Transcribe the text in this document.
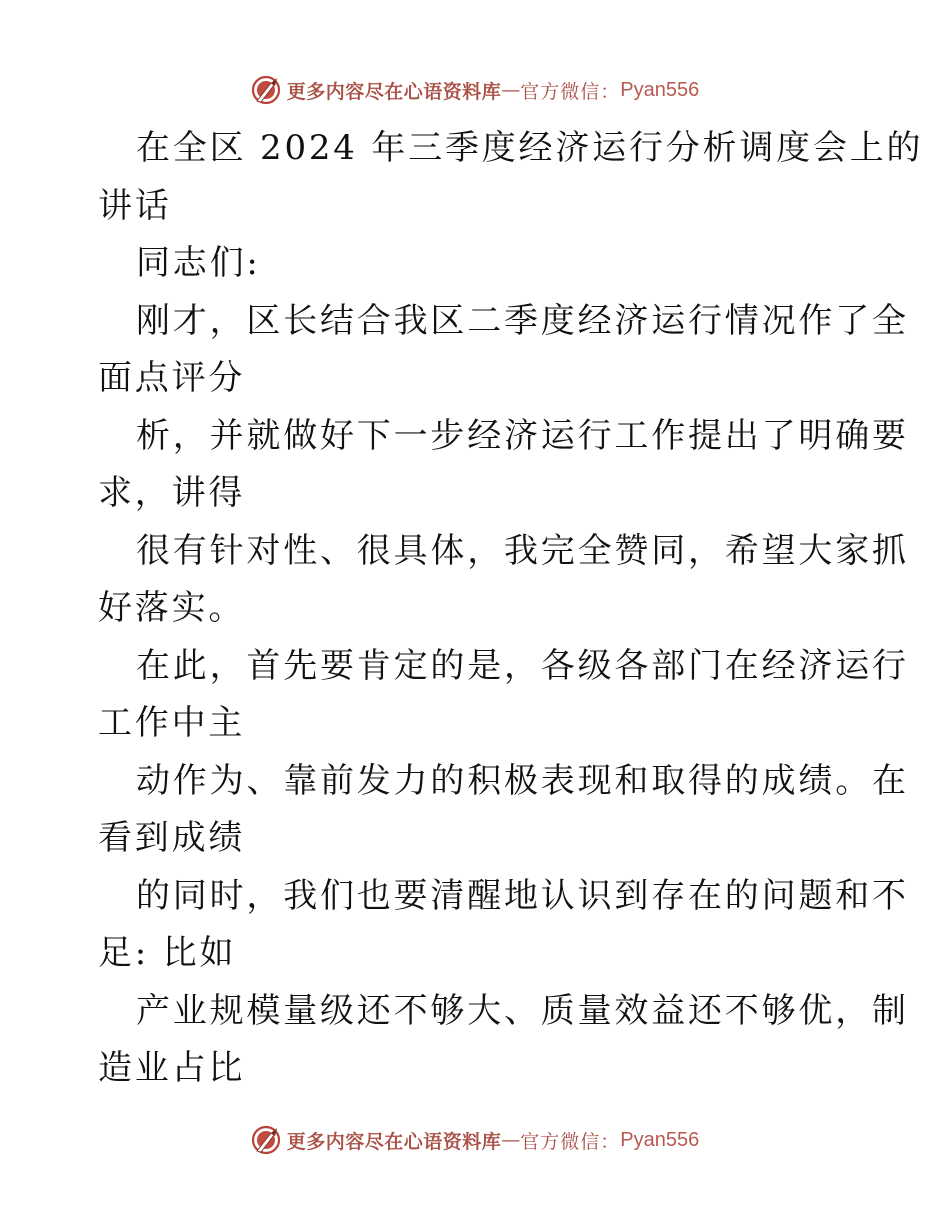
更多内容尽在心语资料库 — 官方微信： Pyan556
在全区 2024 年三季度经济运行分析调度会上的
讲话
同志们:
刚才，区长结合我区二季度经济运行情况作了全
面点评分
析，并就做好下一步经济运行工作提出了明确要
求，讲得
很有针对性、很具体，我完全赞同，希望大家抓
好落实。
在此，首先要肯定的是，各级各部门在经济运行
工作中主
动作为、靠前发力的积极表现和取得的成绩。在
看到成绩
的同时，我们也要清醒地认识到存在的问题和不
足: 比如
产业规模量级还不够大、质量效益还不够优，制
造业占比
更多内容尽在心语资料库 — 官方微信： Pyan556
